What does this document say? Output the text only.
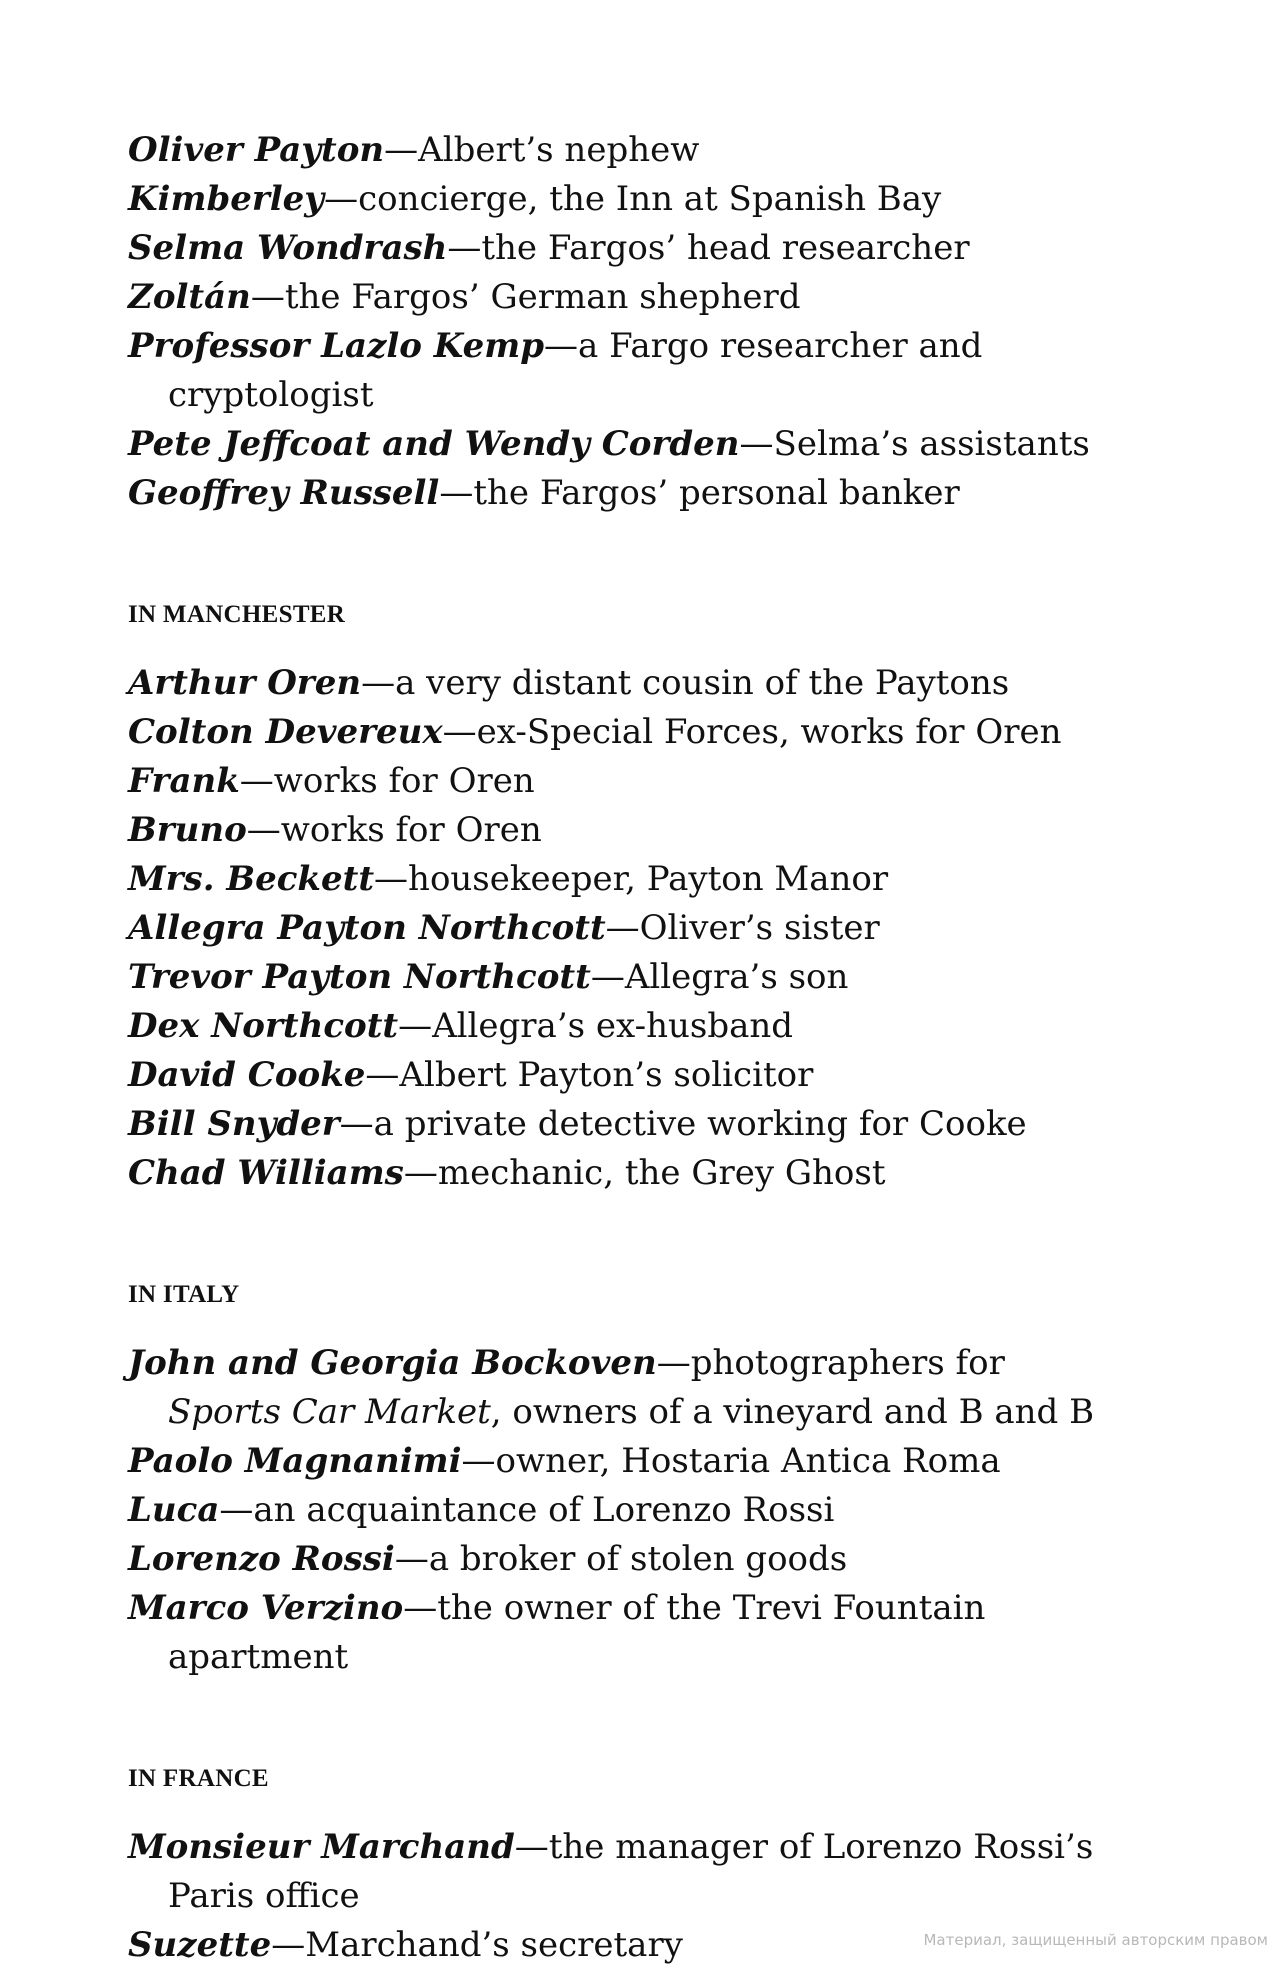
Oliver Payton—Albert’s nephew

Kimberley—concierge, the Inn at Spanish Bay

Selma Wondrash—the Fargos’ head researcher

Zoltán—the Fargos’ German shepherd

Professor Lazlo Kemp—a Fargo researcher and cryptologist

Pete Jeffcoat and Wendy Corden—Selma’s assistants

Geoffrey Russell—the Fargos’ personal banker

IN MANCHESTER

Arthur Oren—a very distant cousin of the Paytons

Colton Devereux—ex-Special Forces, works for Oren

Frank—works for Oren

Bruno—works for Oren

Mrs. Beckett—housekeeper, Payton Manor

Allegra Payton Northcott—Oliver’s sister

Trevor Payton Northcott—Allegra’s son

Dex Northcott—Allegra’s ex-husband

David Cooke—Albert Payton’s solicitor

Bill Snyder—a private detective working for Cooke

Chad Williams—mechanic, the Grey Ghost

IN ITALY

John and Georgia Bockoven—photographers for Sports Car Market, owners of a vineyard and B and B

Paolo Magnanimi—owner, Hostaria Antica Roma

Luca—an acquaintance of Lorenzo Rossi

Lorenzo Rossi—a broker of stolen goods

Marco Verzino—the owner of the Trevi Fountain apartment

IN FRANCE

Monsieur Marchand—the manager of Lorenzo Rossi’s Paris office

Suzette—Marchand’s secretary	Материал, защищенный авторским правом
